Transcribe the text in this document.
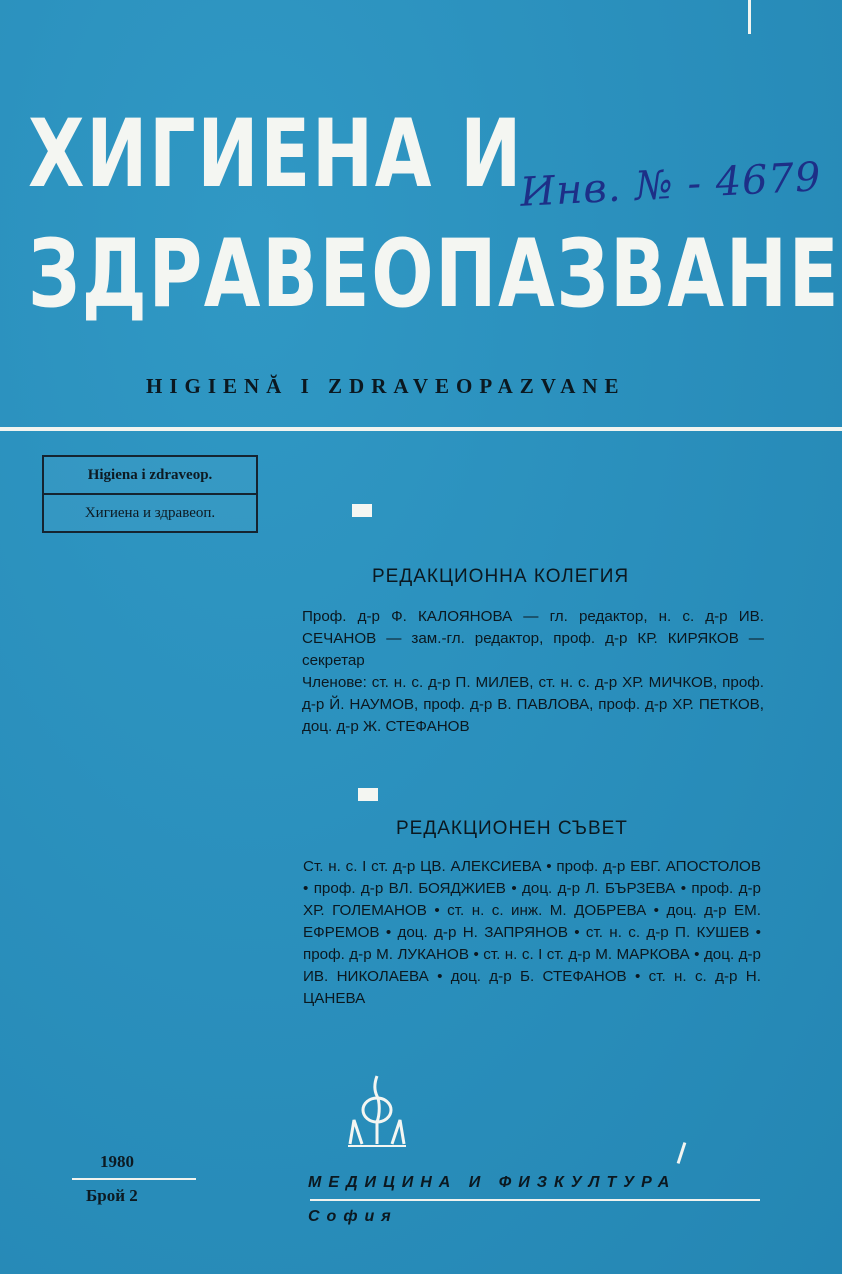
ХИГИЕНА И
ЗДРАВЕОПАЗВАНЕ
Инв. № - 4679
HIGIENĂ I ZDRAVEOPAZVANE
Higiena i zdraveop.
Хигиена и здравеоп.
РЕДАКЦИОННА КОЛЕГИЯ

Проф. д-р Ф. КАЛОЯНОВА — гл. редактор, н. с. д-р ИВ. СЕЧАНОВ — зам.-гл. редактор, проф. д-р КР. КИРЯКОВ — секретар

Членове: ст. н. с. д-р П. МИЛЕВ, ст. н. с. д-р ХР. МИЧКОВ, проф. д-р Й. НАУМОВ, проф. д-р В. ПАВЛОВА, проф. д-р ХР. ПЕТКОВ, доц. д-р Ж. СТЕФАНОВ

РЕДАКЦИОНЕН СЪВЕТ
Ст. н. с. I ст. д-р ЦВ. АЛЕКСИЕВА • проф. д-р ЕВГ. АПОСТОЛОВ • проф. д-р ВЛ. БОЯДЖИЕВ • доц. д-р Л. БЪРЗЕВА • проф. д-р ХР. ГОЛЕМАНОВ • ст. н. с. инж. М. ДОБРЕВА • доц. д-р ЕМ. ЕФРЕМОВ • доц. д-р Н. ЗАПРЯНОВ • ст. н. с. д-р П. КУШЕВ • проф. д-р М. ЛУКАНОВ • ст. н. с. I ст. д-р М. МАРКОВА • доц. д-р ИВ. НИКОЛАЕВА • доц. д-р Б. СТЕФАНОВ • ст. н. с. д-р Н. ЦАНЕВА
1980
Брой 2
МЕДИЦИНА И ФИЗКУЛТУРА
София
